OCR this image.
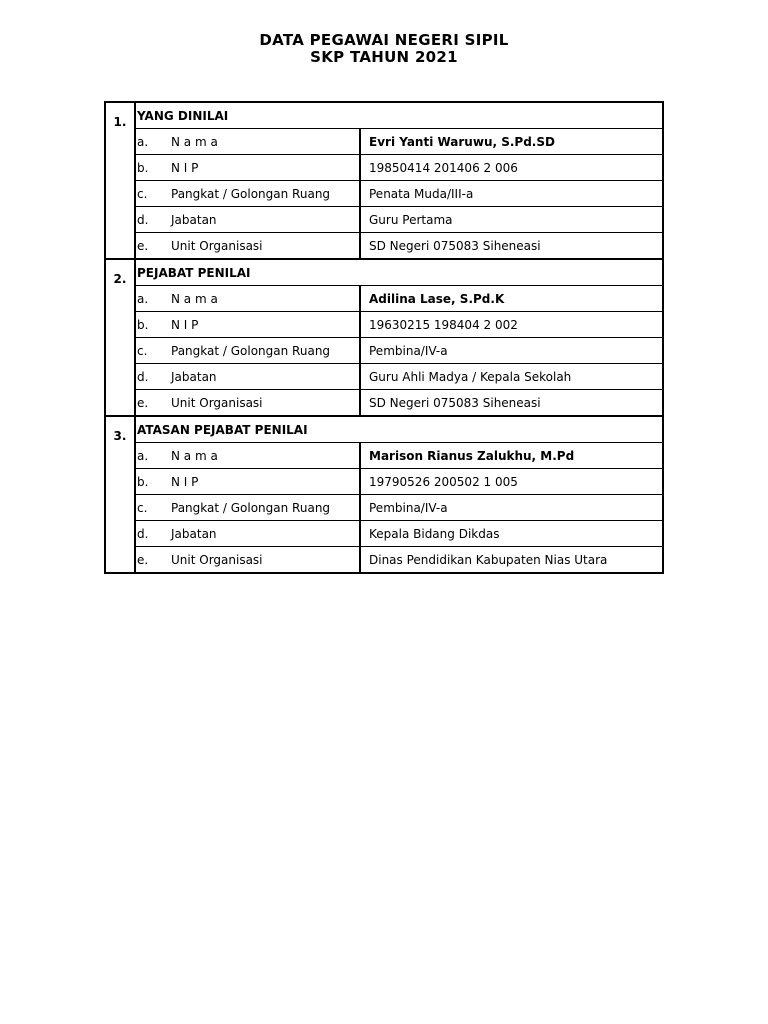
DATA PEGAWAI NEGERI SIPIL
SKP TAHUN 2021
1.	YANG DINILAI	
	a. N a m a	Evri Yanti Waruwu, S.Pd.SD
	b. N I P	19850414 201406 2 006
	c. Pangkat / Golongan Ruang	Penata Muda/III-a
	d. Jabatan	Guru Pertama
	e. Unit Organisasi	SD Negeri 075083 Siheneasi
2.	PEJABAT PENILAI	
	a. N a m a	Adilina Lase, S.Pd.K
	b. N I P	19630215 198404 2 002
	c. Pangkat / Golongan Ruang	Pembina/IV-a
	d. Jabatan	Guru Ahli Madya / Kepala Sekolah
	e. Unit Organisasi	SD Negeri 075083 Siheneasi
3.	ATASAN PEJABAT PENILAI	
	a. N a m a	Marison Rianus Zalukhu, M.Pd
	b. N I P	19790526 200502 1 005
	c. Pangkat / Golongan Ruang	Pembina/IV-a
	d. Jabatan	Kepala Bidang Dikdas
	e. Unit Organisasi	Dinas Pendidikan Kabupaten Nias Utara
